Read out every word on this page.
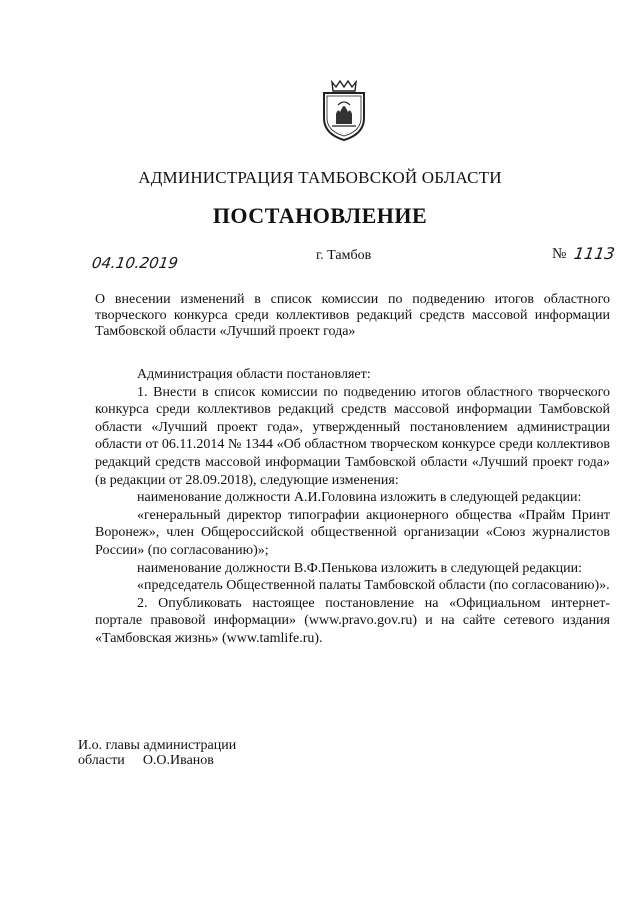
АДМИНИСТРАЦИЯ ТАМБОВСКОЙ ОБЛАСТИ
ПОСТАНОВЛЕНИЕ
04.10.2019	г. Тамбов	№ 1113
О внесении изменений в список комиссии по подведению итогов областного творческого конкурса среди коллективов редакций средств массовой информации Тамбовской области «Лучший проект года»

Администрация области постановляет:

1. Внести в список комиссии по подведению итогов областного творческого конкурса среди коллективов редакций средств массовой информации Тамбовской области «Лучший проект года», утвержденный постановлением администрации области от 06.11.2014 № 1344 «Об областном творческом конкурсе среди коллективов редакций средств массовой информации Тамбовской области «Лучший проект года» (в редакции от 28.09.2018), следующие изменения:

наименование должности А.И.Головина изложить в следующей редакции:

«генеральный директор типографии акционерного общества «Прайм Принт Воронеж», член Общероссийской общественной организации «Союз журналистов России» (по согласованию)»;

наименование должности В.Ф.Пенькова изложить в следующей редакции:

«председатель Общественной палаты Тамбовской области (по согласованию)».

2. Опубликовать настоящее постановление на «Официальном интернет-портале правовой информации» (www.pravo.gov.ru) и на сайте сетевого издания «Тамбовская жизнь» (www.tamlife.ru).

И.о. главы администрации
области О.О.Иванов
